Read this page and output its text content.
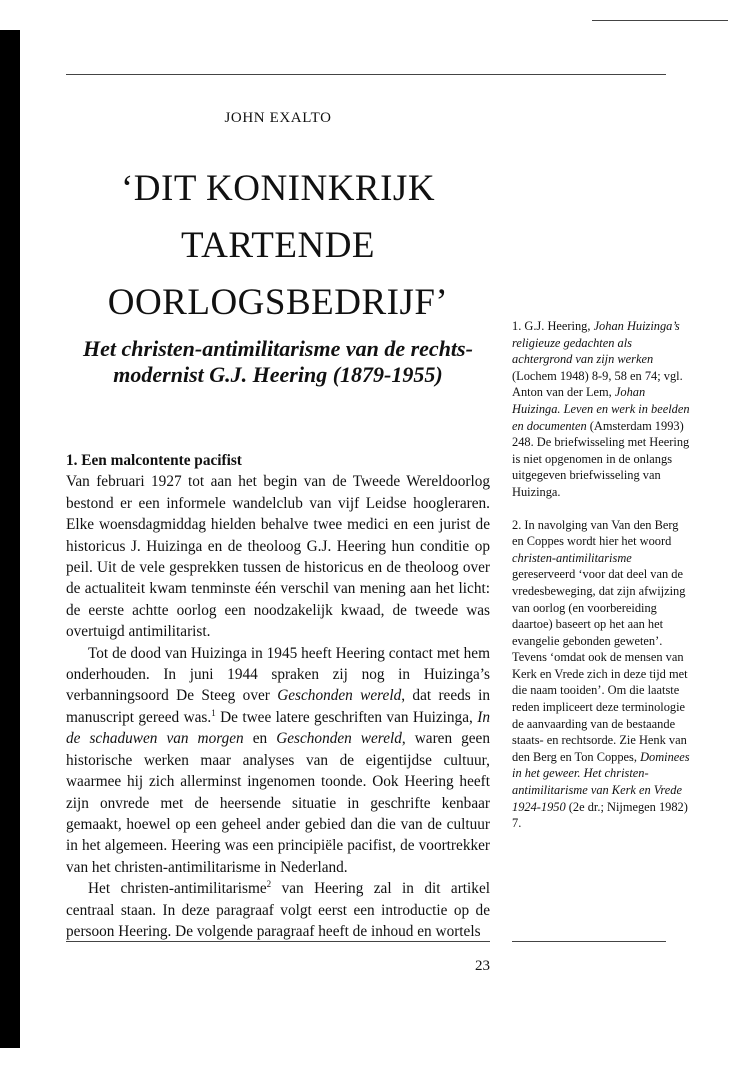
JOHN EXALTO
‘DIT KONINKRIJK TARTENDE OORLOGSBEDRIJF’
Het christen-antimilitarisme van de rechts-modernist G.J. Heering (1879-1955)
1. Een malcontente pacifist

Van februari 1927 tot aan het begin van de Tweede Wereldoorlog bestond er een informele wandelclub van vijf Leidse hoogleraren. Elke woensdagmiddag hielden behalve twee medici en een jurist de historicus J. Huizinga en de theoloog G.J. Heering hun conditie op peil. Uit de vele gesprekken tussen de historicus en de theoloog over de actualiteit kwam tenminste één verschil van mening aan het licht: de eerste achtte oorlog een noodzakelijk kwaad, de tweede was overtuigd antimilitarist.

Tot de dood van Huizinga in 1945 heeft Heering contact met hem onderhouden. In juni 1944 spraken zij nog in Huizinga’s verbanningsoord De Steeg over Geschonden wereld, dat reeds in manuscript gereed was.$^1$ De twee latere geschriften van Huizinga, In de schaduwen van morgen en Geschonden wereld, waren geen historische werken maar analyses van de eigentijdse cultuur, waarmee hij zich allerminst ingenomen toonde. Ook Heering heeft zijn onvrede met de heersende situatie in geschrifte kenbaar gemaakt, hoewel op een geheel ander gebied dan die van de cultuur in het algemeen. Heering was een principiële pacifist, de voortrekker van het christen-antimilitarisme in Nederland.

Het christen-antimilitarisme$^2$ van Heering zal in dit artikel centraal staan. In deze paragraaf volgt eerst een introductie op de persoon Heering. De volgende paragraaf heeft de inhoud en wortels

1. G.J. Heering, Johan Huizinga’s religieuze gedachten als achtergrond van zijn werken (Lochem 1948) 8-9, 58 en 74; vgl. Anton van der Lem, Johan Huizinga. Leven en werk in beelden en documenten (Amsterdam 1993) 248. De briefwisseling met Heering is niet opgenomen in de onlangs uitgegeven briefwisseling van Huizinga.

2. In navolging van Van den Berg en Coppes wordt hier het woord christen-antimilitarisme gereserveerd ‘voor dat deel van de vredesbeweging, dat zijn afwijzing van oorlog (en voorbereiding daartoe) baseert op het aan het evangelie gebonden geweten’. Tevens ‘omdat ook de mensen van Kerk en Vrede zich in deze tijd met die naam tooiden’. Om die laatste reden impliceert deze terminologie de aanvaarding van de bestaande staats- en rechtsorde. Zie Henk van den Berg en Ton Coppes, Dominees in het geweer. Het christen-antimilitarisme van Kerk en Vrede 1924-1950 (2e dr.; Nijmegen 1982) 7.

23
